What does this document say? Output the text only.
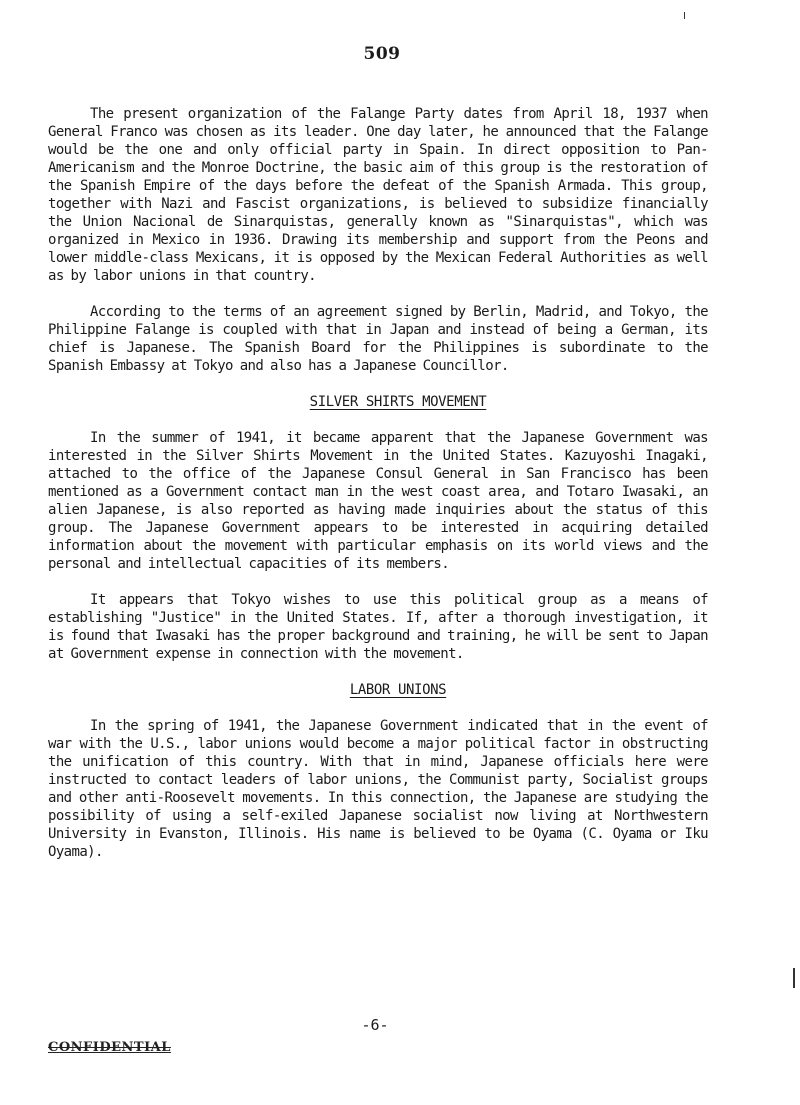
509

The present organization of the Falange Party dates from April 18, 1937 when General Franco was chosen as its leader. One day later, he announced that the Falange would be the one and only official party in Spain. In direct opposition to Pan-Americanism and the Monroe Doctrine, the basic aim of this group is the restoration of the Spanish Empire of the days before the defeat of the Spanish Armada. This group, together with Nazi and Fascist organizations, is believed to subsidize financially the Union Nacional de Sinarquistas, generally known as "Sinarquistas", which was organized in Mexico in 1936. Drawing its membership and support from the Peons and lower middle-class Mexicans, it is opposed by the Mexican Federal Authorities as well as by labor unions in that country.

According to the terms of an agreement signed by Berlin, Madrid, and Tokyo, the Philippine Falange is coupled with that in Japan and instead of being a German, its chief is Japanese. The Spanish Board for the Philippines is subordinate to the Spanish Embassy at Tokyo and also has a Japanese Councillor.

SILVER SHIRTS MOVEMENT

In the summer of 1941, it became apparent that the Japanese Government was interested in the Silver Shirts Movement in the United States. Kazuyoshi Inagaki, attached to the office of the Japanese Consul General in San Francisco has been mentioned as a Government contact man in the west coast area, and Totaro Iwasaki, an alien Japanese, is also reported as having made inquiries about the status of this group. The Japanese Government appears to be interested in acquiring detailed information about the movement with particular emphasis on its world views and the personal and intellectual capacities of its members.

It appears that Tokyo wishes to use this political group as a means of establishing "Justice" in the United States. If, after a thorough investigation, it is found that Iwasaki has the proper background and training, he will be sent to Japan at Government expense in connection with the movement.

LABOR UNIONS

In the spring of 1941, the Japanese Government indicated that in the event of war with the U.S., labor unions would become a major political factor in obstructing the unification of this country. With that in mind, Japanese officials here were instructed to contact leaders of labor unions, the Communist party, Socialist groups and other anti-Roosevelt movements. In this connection, the Japanese are studying the possibility of using a self-exiled Japanese socialist now living at Northwestern University in Evanston, Illinois. His name is believed to be Oyama (C. Oyama or Iku Oyama).

-6-
CONFIDENTIAL
